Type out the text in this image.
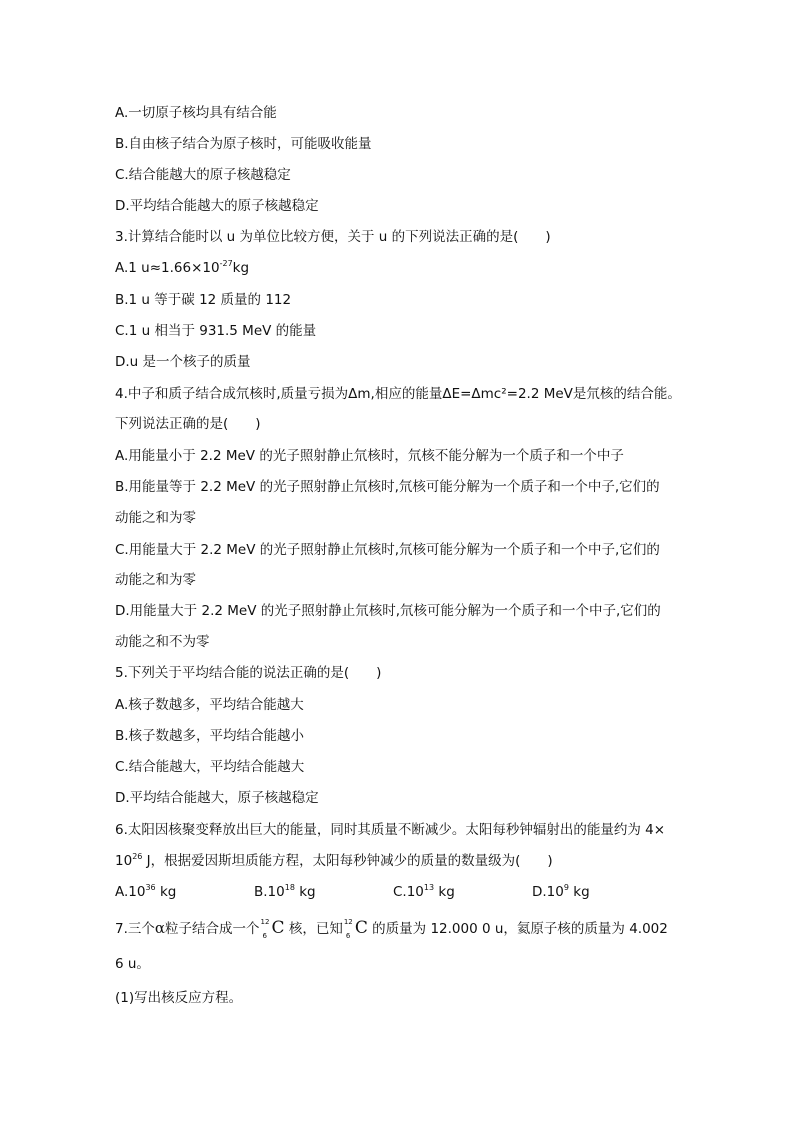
A.一切原子核均具有结合能
B.自由核子结合为原子核时，可能吸收能量
C.结合能越大的原子核越稳定
D.平均结合能越大的原子核越稳定
3.计算结合能时以 u 为单位比较方便，关于 u 的下列说法正确的是(　　)
A.1 $u\approx 1.66\times 10^{-27}kg$
B.1 u 等于碳 12 质量的 112
C.1 u 相当于 931.5 MeV 的能量
D.u 是一个核子的质量
4.中子和质子结合成氘核时,质量亏损为Δm,相应的能量ΔE=Δmc²=2.2 MeV是氘核的结合能。
下列说法正确的是(　　)
A.用能量小于 2.2 MeV 的光子照射静止氘核时，氘核不能分解为一个质子和一个中子
B.用能量等于 2.2 MeV 的光子照射静止氘核时,氘核可能分解为一个质子和一个中子,它们的
动能之和为零
C.用能量大于 2.2 MeV 的光子照射静止氘核时,氘核可能分解为一个质子和一个中子,它们的
动能之和为零
D.用能量大于 2.2 MeV 的光子照射静止氘核时,氘核可能分解为一个质子和一个中子,它们的
动能之和不为零
5.下列关于平均结合能的说法正确的是(　　)
A.核子数越多，平均结合能越大
B.核子数越多，平均结合能越小
C.结合能越大，平均结合能越大
D.平均结合能越大，原子核越稳定
6.太阳因核聚变释放出巨大的能量，同时其质量不断减少。太阳每秒钟辐射出的能量约为 4×
$10^{26}$ J，根据爱因斯坦质能方程，太阳每秒钟减少的质量的数量级为(　　)
$A.10^{36}$ kg	$B.10^{18}$ kg	$C.10^{13}$ kg	$D.10^9$ kg
7.三个α粒子结合成一个 12
6 C 核，已知 12
6 C 的质量为 12.000 0 u，氦原子核的质量为 4.002
6 u。
(1)写出核反应方程。
